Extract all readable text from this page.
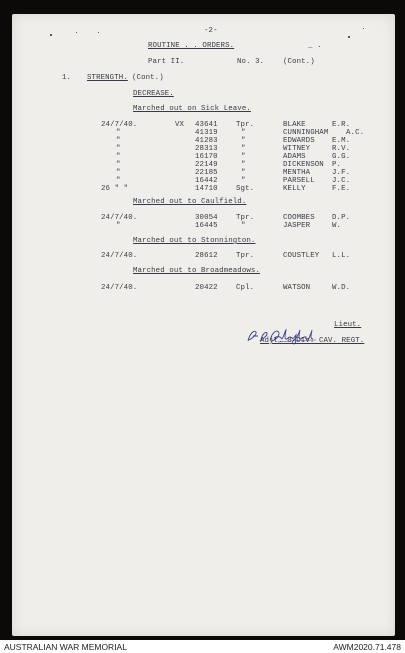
-2-
ROUTINE . . ORDERS.	_ .
Part II.	No. 3.	(Cont.)
1. STRENGTH. (Cont.)
DECREASE.
Marched out on Sick Leave.
24/7/40.	VX 43641 Tpr.	BLAKE	E.R.
"	41319	"	CUNNINGHAM A.C.
"	41283	"	EDWARDS E.M.
"	28313	"	WITNEY	R.V.
"	16170	"	ADAMS	G.G.
"	22149	"	DICKENSON P.
"	22185	"	MENTHA	J.F.
"	16442	"	PARSELL J.C.
26 " "	14710 Sgt.	KELLY	F.E.
Marched out to Caulfield.
24/7/40.	30054 Tpr.	COOMBES D.P.
"	16445	"	JASPER	W.
Marched out to Stonnington.
24/7/40.	28612 Tpr.	COUSTLEY L.L.
Marched out to Broadmeadows.
24/7/40.	20422 Cpl.	WATSON	W.D.
Lieut.
Adjt. 8 DIV. CAV. REGT.
AUSTRALIAN WAR MEMORIAL	AWM2020.71.478
